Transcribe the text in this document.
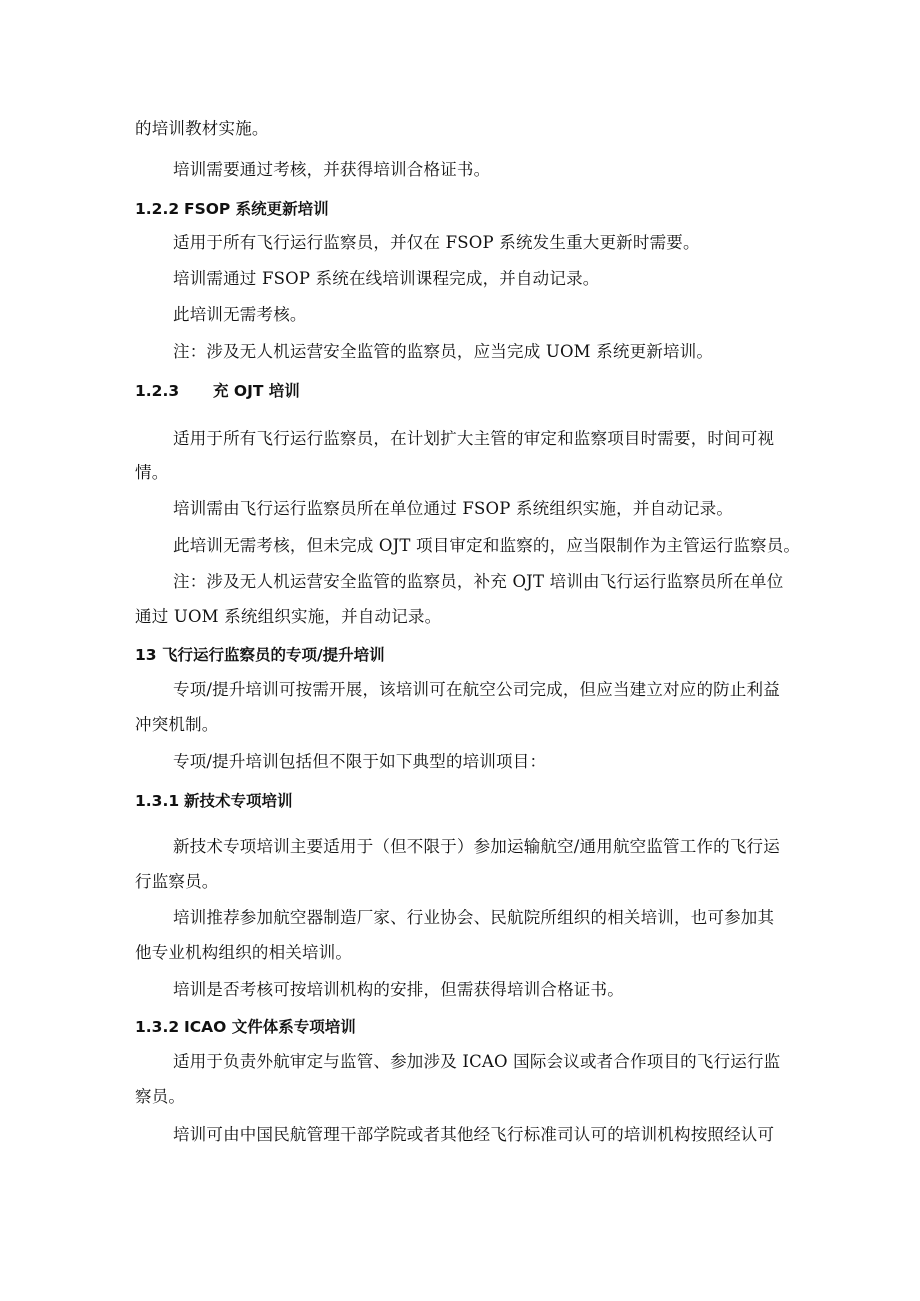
的培训教材实施。

培训需要通过考核，并获得培训合格证书。

1.2.2 FSOP 系统更新培训

适用于所有飞行运行监察员，并仅在 FSOP 系统发生重大更新时需要。

培训需通过 FSOP 系统在线培训课程完成，并自动记录。

此培训无需考核。

注：涉及无人机运营安全监管的监察员，应当完成 UOM 系统更新培训。

1.2.3 充 OJT 培训

适用于所有飞行运行监察员，在计划扩大主管的审定和监察项目时需要，时间可视

情。

培训需由飞行运行监察员所在单位通过 FSOP 系统组织实施，并自动记录。

此培训无需考核，但未完成 OJT 项目审定和监察的，应当限制作为主管运行监察员。

注：涉及无人机运营安全监管的监察员，补充 OJT 培训由飞行运行监察员所在单位

通过 UOM 系统组织实施，并自动记录。

13 飞行运行监察员的专项/提升培训

专项/提升培训可按需开展，该培训可在航空公司完成，但应当建立对应的防止利益

冲突机制。

专项/提升培训包括但不限于如下典型的培训项目：

1.3.1 新技术专项培训

新技术专项培训主要适用于（但不限于）参加运输航空/通用航空监管工作的飞行运

行监察员。

培训推荐参加航空器制造厂家、行业协会、民航院所组织的相关培训，也可参加其

他专业机构组织的相关培训。

培训是否考核可按培训机构的安排，但需获得培训合格证书。

1.3.2 ICAO 文件体系专项培训

适用于负责外航审定与监管、参加涉及 ICAO 国际会议或者合作项目的飞行运行监

察员。

培训可由中国民航管理干部学院或者其他经飞行标准司认可的培训机构按照经认可
